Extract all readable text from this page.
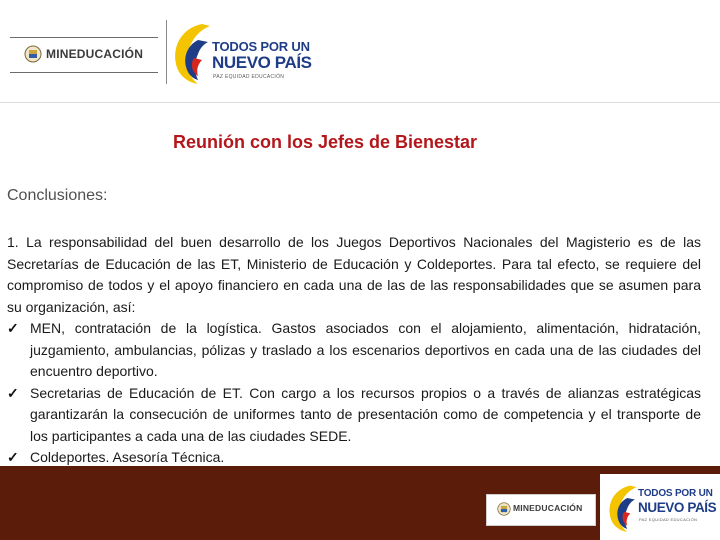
MINEDUCACIÓN	TODOS POR UN
NUEVO PAÍS
PAZ EQUIDAD EDUCACIÓN
Reunión con los Jefes de Bienestar
Conclusiones:

1. La responsabilidad del buen desarrollo de los Juegos Deportivos Nacionales del Magisterio es de las Secretarías de Educación de las ET, Ministerio de Educación y Coldeportes. Para tal efecto, se requiere del compromiso de todos y el apoyo financiero en cada una de las de las responsabilidades que se asumen para su organización, así:

✓ MEN, contratación de la logística. Gastos asociados con el alojamiento, alimentación, hidratación, juzgamiento, ambulancias, pólizas y traslado a los escenarios deportivos en cada una de las ciudades del encuentro deportivo.
✓ Secretarias de Educación de ET. Con cargo a los recursos propios o a través de alianzas estratégicas garantizarán la consecución de uniformes tanto de presentación como de competencia y el transporte de los participantes a cada una de las ciudades SEDE.
✓ Coldeportes. Asesoría Técnica.
MINEDUCACIÓN
TODOS POR UN
NUEVO PAÍS
PAZ EQUIDAD EDUCACIÓN
